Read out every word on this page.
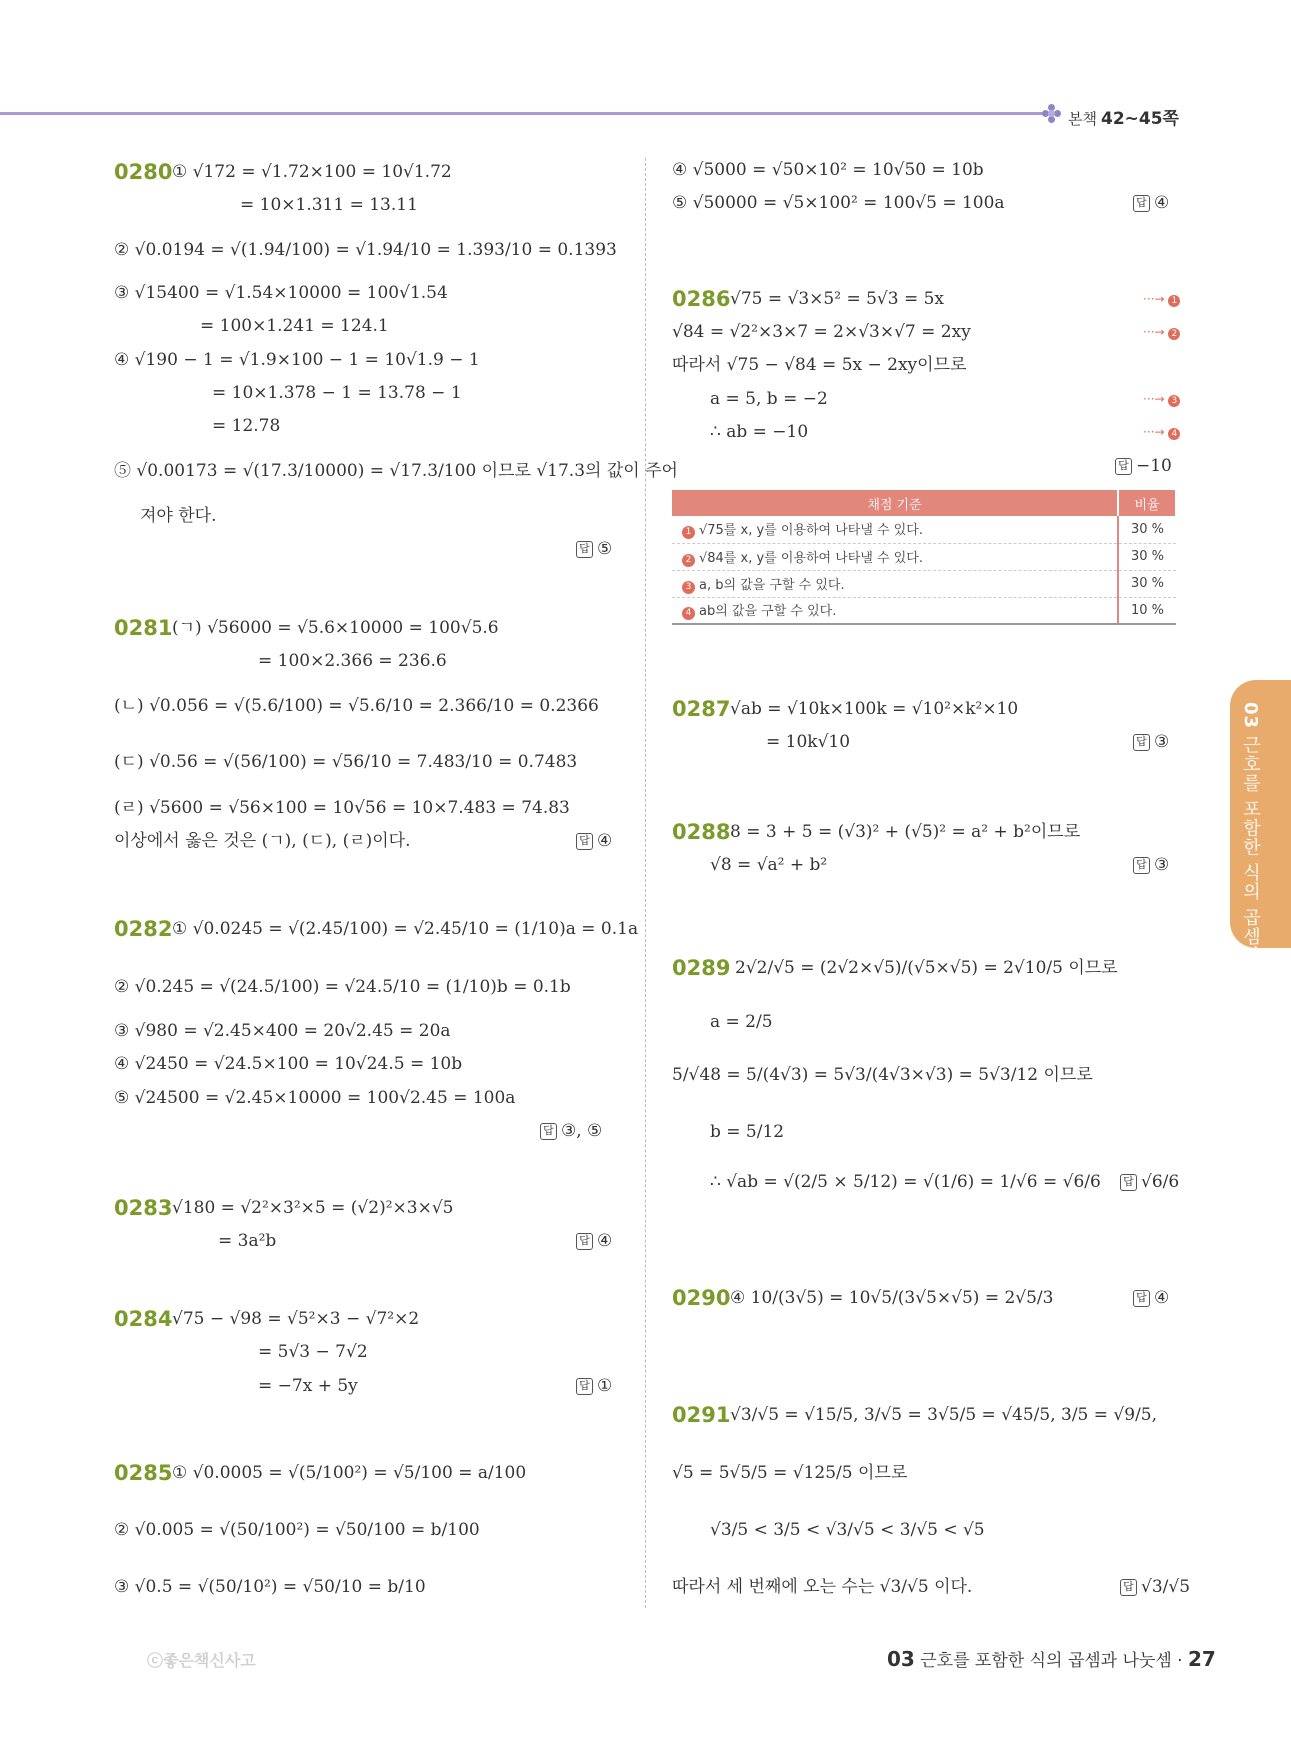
본책 42~45쪽
0280 ① √172 = √1.72×100 = 10√1.72
= 10×1.311 = 13.11
② √0.0194 = √(1.94/100) = √1.94/10 = 1.393/10 = 0.1393
③ √15400 = √1.54×10000 = 100√1.54
= 100×1.241 = 124.1
④ √190 − 1 = √1.9×100 − 1 = 10√1.9 − 1
= 10×1.378 − 1 = 13.78 − 1
= 12.78
⑤ √0.00173 = √(17.3/10000) = √17.3/100 이므로 √17.3의 값이 주어
져야 한다.
답 ⑤
0281 (ㄱ) √56000 = √5.6×10000 = 100√5.6
= 100×2.366 = 236.6
(ㄴ) √0.056 = √(5.6/100) = √5.6/10 = 2.366/10 = 0.2366
(ㄷ) √0.56 = √(56/100) = √56/10 = 7.483/10 = 0.7483
(ㄹ) √5600 = √56×100 = 10√56 = 10×7.483 = 74.83
이상에서 옳은 것은 (ㄱ), (ㄷ), (ㄹ)이다.	답 ④
0282 ① √0.0245 = √(2.45/100) = √2.45/10 = (1/10)a = 0.1a
② √0.245 = √(24.5/100) = √24.5/10 = (1/10)b = 0.1b
③ √980 = √2.45×400 = 20√2.45 = 20a
④ √2450 = √24.5×100 = 10√24.5 = 10b
⑤ √24500 = √2.45×10000 = 100√2.45 = 100a
답 ③, ⑤
0283 √180 = √2²×3²×5 = (√2)²×3×√5
= 3a²b	답 ④
0284 √75 − √98 = √5²×3 − √7²×2
= 5√3 − 7√2
= −7x + 5y	답 ①
0285 ① √0.0005 = √(5/100²) = √5/100 = a/100
② √0.005 = √(50/100²) = √50/100 = b/100
③ √0.5 = √(50/10²) = √50/10 = b/10
④ √5000 = √50×10² = 10√50 = 10b
⑤ √50000 = √5×100² = 100√5 = 100a	답 ④
0286 √75 = √3×5² = 5√3 = 5x
√84 = √2²×3×7 = 2×√3×√7 = 2xy
따라서 √75 − √84 = 5x − 2xy이므로
a = 5, b = −2
∴ ab = −10
···→ 1
···→ 2
···→ 3
···→ 4
답 −10
채점 기준	비율
1 √75를 x, y를 이용하여 나타낼 수 있다.	30 %
2 √84를 x, y를 이용하여 나타낼 수 있다.	30 %
3 a, b의 값을 구할 수 있다.	30 %
4 ab의 값을 구할 수 있다.	10 %
0287 √ab = √10k×100k = √10²×k²×10
= 10k√10	답 ③
0288 8 = 3 + 5 = (√3)² + (√5)² = a² + b²이므로
√8 = √a² + b²	답 ③
0289 2√2/√5 = (2√2×√5)/(√5×√5) = 2√10/5 이므로
a = 2/5
5/√48 = 5/(4√3) = 5√3/(4√3×√3) = 5√3/12 이므로
b = 5/12
∴ √ab = √(2/5 × 5/12) = √(1/6) = 1/√6 = √6/6 답 √6/6
0290 ④ 10/(3√5) = 10√5/(3√5×√5) = 2√5/3	답 ④
0291 √3/√5 = √15/5, 3/√5 = 3√5/5 = √45/5, 3/5 = √9/5,
√5 = 5√5/5 = √125/5 이므로
√3/5 < 3/5 < √3/√5 < 3/√5 < √5
따라서 세 번째에 오는 수는 √3/√5 이다.	답 √3/√5
03 근호를 포함한 식의 곱셈과 나눗셈
ⓒ좋은책신사고	03 근호를 포함한 식의 곱셈과 나눗셈 · 27
